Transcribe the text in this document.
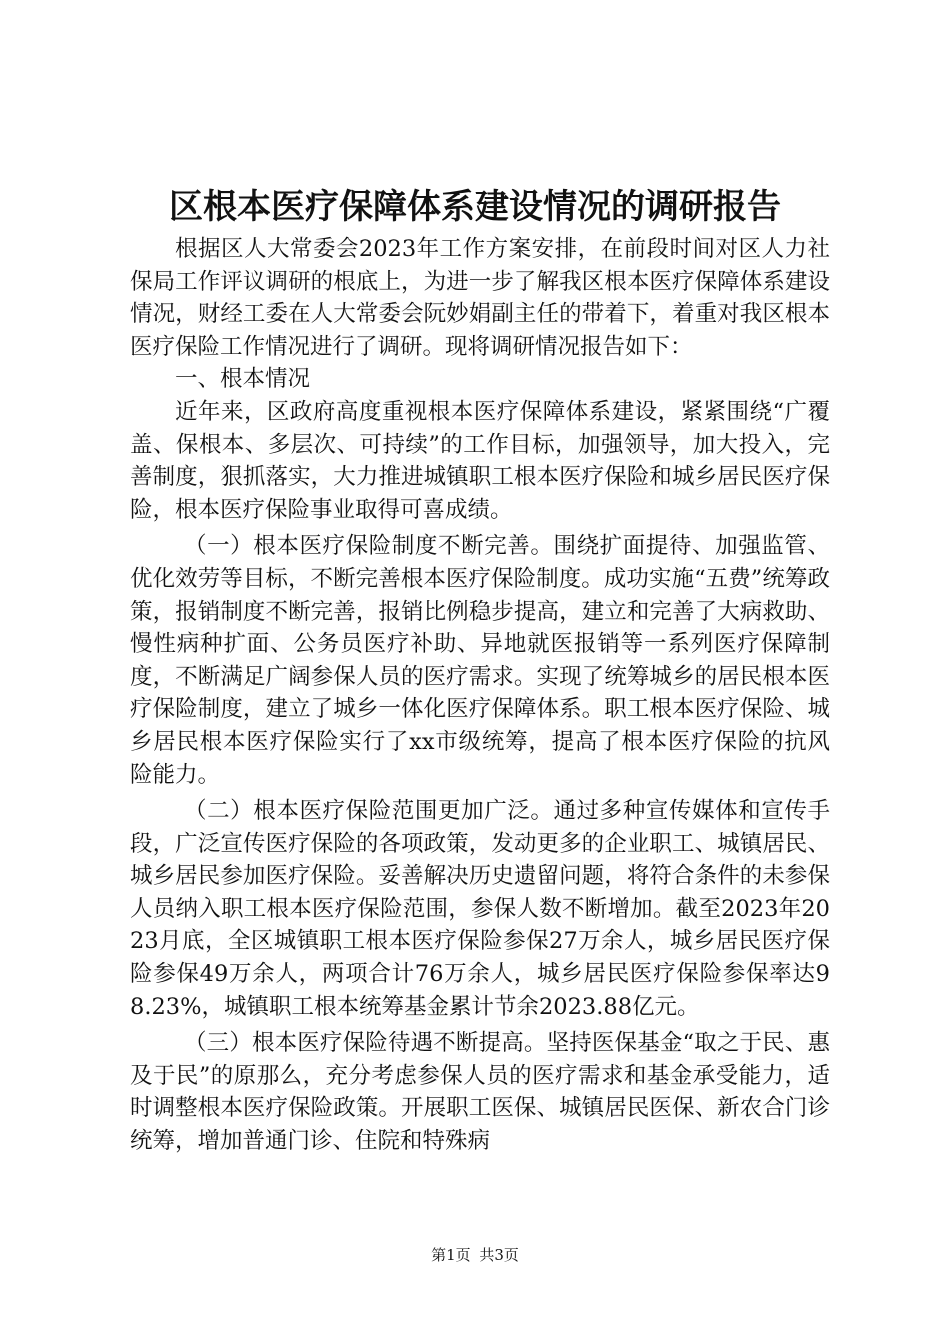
区根本医疗保障体系建设情况的调研报告

根据区人大常委会2023年工作方案安排，在前段时间对区人力社保局工作评议调研的根底上，为进一步了解我区根本医疗保障体系建设情况，财经工委在人大常委会阮妙娟副主任的带着下，着重对我区根本医疗保险工作情况进行了调研。现将调研情况报告如下：

一、根本情况

近年来，区政府高度重视根本医疗保障体系建设，紧紧围绕“广覆盖、保根本、多层次、可持续”的工作目标，加强领导，加大投入，完善制度，狠抓落实，大力推进城镇职工根本医疗保险和城乡居民医疗保险，根本医疗保险事业取得可喜成绩。

（一）根本医疗保险制度不断完善。围绕扩面提待、加强监管、优化效劳等目标，不断完善根本医疗保险制度。成功实施“五费”统筹政策，报销制度不断完善，报销比例稳步提高，建立和完善了大病救助、慢性病种扩面、公务员医疗补助、异地就医报销等一系列医疗保障制度，不断满足广阔参保人员的医疗需求。实现了统筹城乡的居民根本医疗保险制度，建立了城乡一体化医疗保障体系。职工根本医疗保险、城乡居民根本医疗保险实行了xx市级统筹，提高了根本医疗保险的抗风险能力。

（二）根本医疗保险范围更加广泛。通过多种宣传媒体和宣传手段，广泛宣传医疗保险的各项政策，发动更多的企业职工、城镇居民、城乡居民参加医疗保险。妥善解决历史遗留问题，将符合条件的未参保人员纳入职工根本医疗保险范围，参保人数不断增加。截至2023年2023月底，全区城镇职工根本医疗保险参保27万余人，城乡居民医疗保险参保49万余人，两项合计76万余人，城乡居民医疗保险参保率达98.23%，城镇职工根本统筹基金累计节余2023.88亿元。

（三）根本医疗保险待遇不断提高。坚持医保基金“取之于民、惠及于民”的原那么，充分考虑参保人员的医疗需求和基金承受能力，适时调整根本医疗保险政策。开展职工医保、城镇居民医保、新农合门诊统筹，增加普通门诊、住院和特殊病

第1页 共3页
